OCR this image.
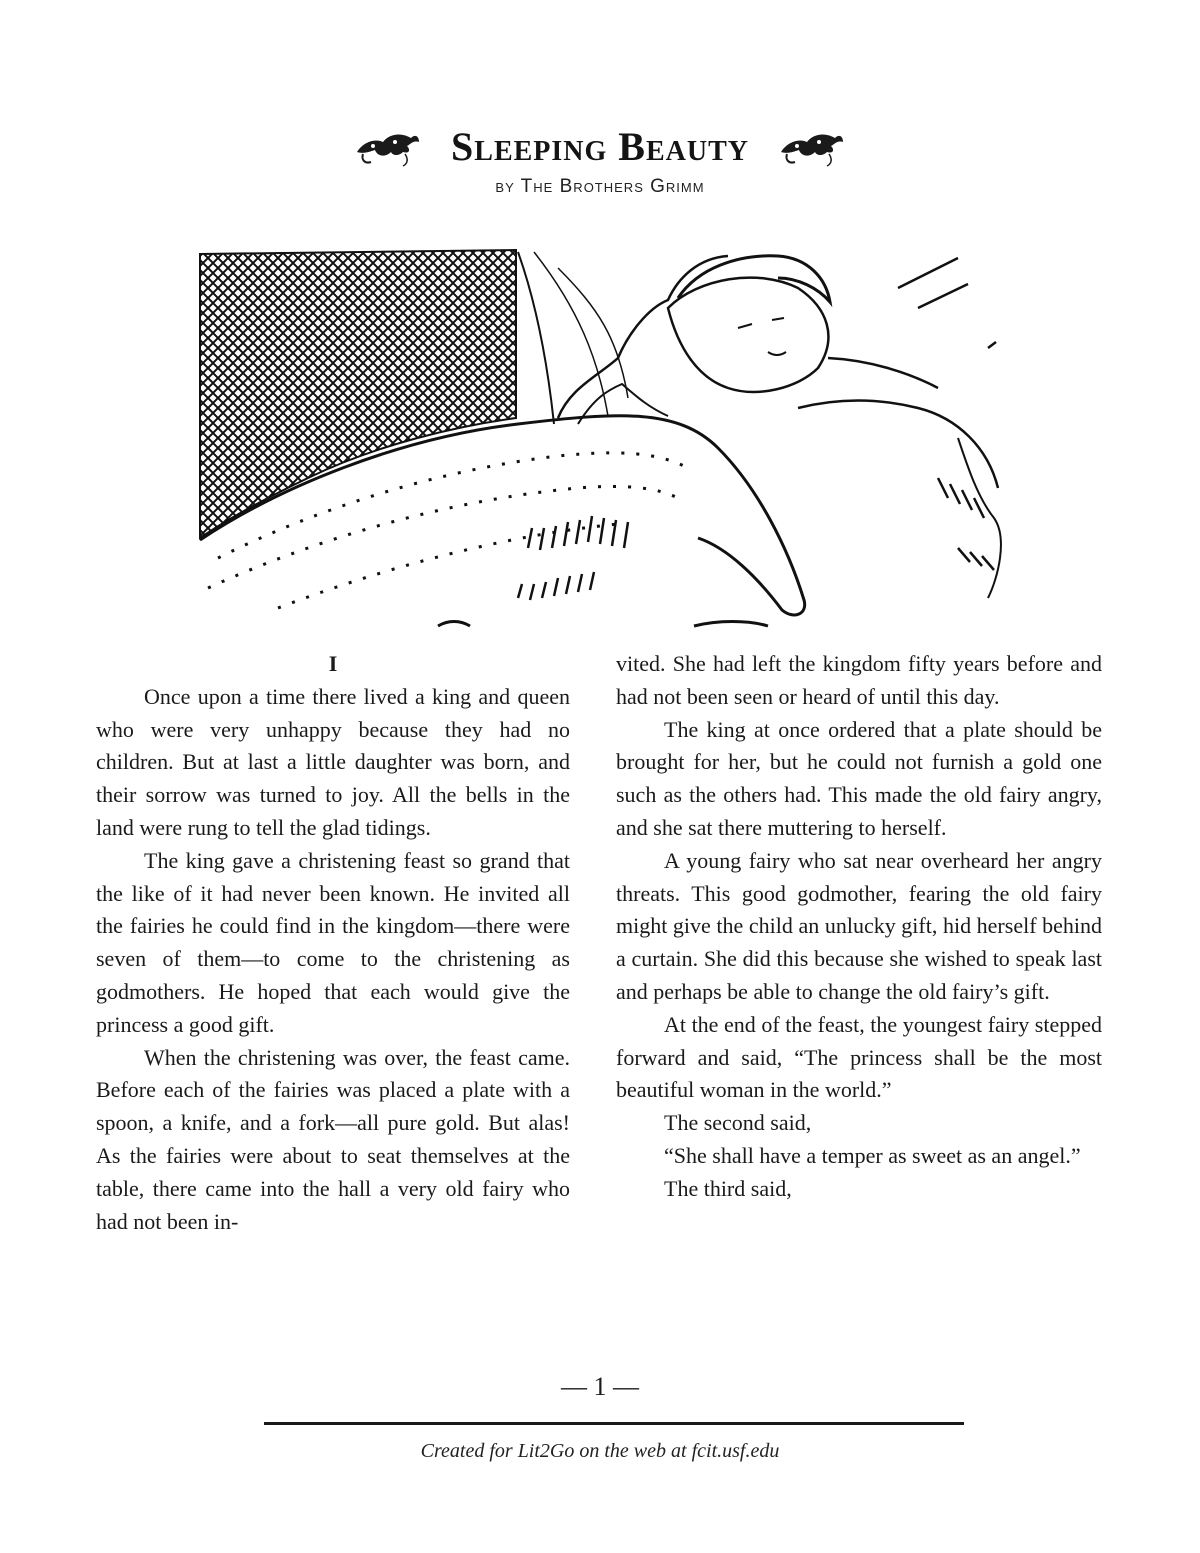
Sleeping Beauty
by The Brothers Grimm

I

Once upon a time there lived a king and queen who were very unhappy because they had no children. But at last a little daughter was born, and their sorrow was turned to joy. All the bells in the land were rung to tell the glad tidings.

The king gave a christening feast so grand that the like of it had never been known. He invited all the fairies he could find in the kingdom—there were seven of them—to come to the christening as godmothers. He hoped that each would give the princess a good gift.

When the christening was over, the feast came. Before each of the fairies was placed a plate with a spoon, a knife, and a fork—all pure gold. But alas! As the fairies were about to seat themselves at the table, there came into the hall a very old fairy who had not been in-

vited. She had left the kingdom fifty years before and had not been seen or heard of until this day.

The king at once ordered that a plate should be brought for her, but he could not furnish a gold one such as the others had. This made the old fairy angry, and she sat there muttering to herself.

A young fairy who sat near overheard her angry threats. This good godmother, fearing the old fairy might give the child an unlucky gift, hid herself behind a curtain. She did this because she wished to speak last and perhaps be able to change the old fairy’s gift.

At the end of the feast, the youngest fairy stepped forward and said, “The princess shall be the most beautiful woman in the world.”

The second said,

“She shall have a temper as sweet as an angel.”

The third said,

— 1 —
Created for Lit2Go on the web at fcit.usf.edu
